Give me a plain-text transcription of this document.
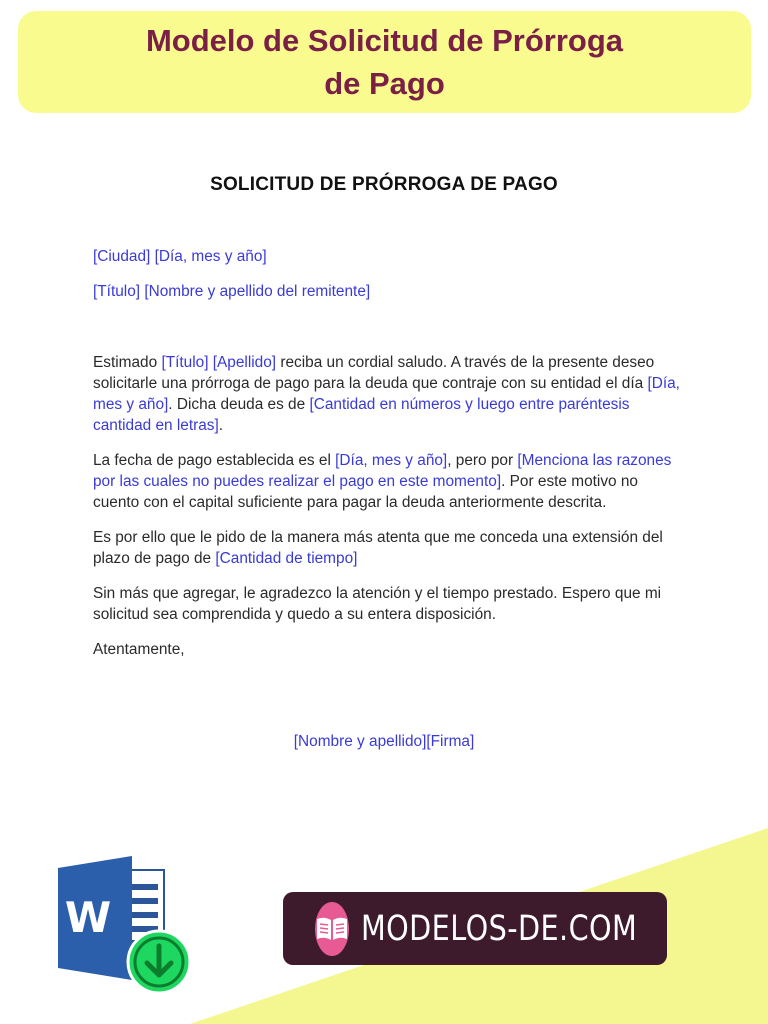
Modelo de Solicitud de Prórroga
de Pago
SOLICITUD DE PRÓRROGA DE PAGO

[Ciudad] [Día, mes y año]

[Título] [Nombre y apellido del remitente]

Estimado [Título] [Apellido] reciba un cordial saludo. A través de la presente deseo solicitarle una prórroga de pago para la deuda que contraje con su entidad el día [Día, mes y año]. Dicha deuda es de [Cantidad en números y luego entre paréntesis cantidad en letras].

La fecha de pago establecida es el [Día, mes y año], pero por [Menciona las razones por las cuales no puedes realizar el pago en este momento]. Por este motivo no cuento con el capital suficiente para pagar la deuda anteriormente descrita.

Es por ello que le pido de la manera más atenta que me conceda una extensión del plazo de pago de [Cantidad de tiempo]

Sin más que agregar, le agradezco la atención y el tiempo prestado. Espero que mi solicitud sea comprendida y quedo a su entera disposición.

Atentamente,

[Nombre y apellido][Firma]
W	MODELOS-DE.COM
